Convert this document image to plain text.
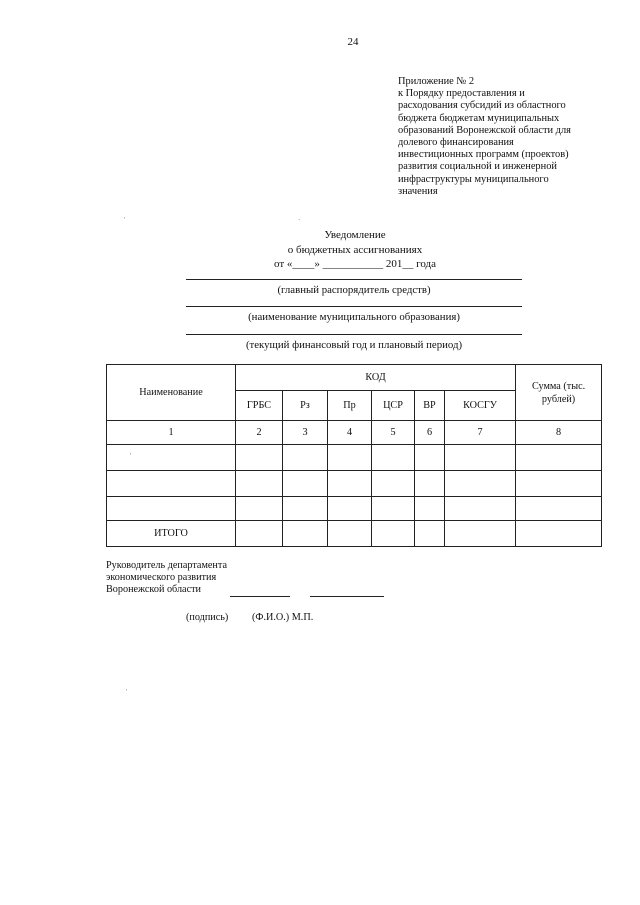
24
Приложение № 2
к Порядку предоставления и
расходования субсидий из областного
бюджета бюджетам муниципальных
образований Воронежской области для
долевого финансирования
инвестиционных программ (проектов)
развития социальной и инженерной
инфраструктуры муниципального
значения
'	·
Уведомление
о бюджетных ассигнованиях
от «____» ___________ 201__ года
(главный распорядитель средств)
(наименование муниципального образования)
(текущий финансовый год и плановый период)
Наименование	КОД						Сумма (тыс. рублей)
	ГРБС	Рз	Пр	ЦСР	ВР	КОСГУ	
1	2	3	4	5	6	7	8

ИТОГО							
Руководитель департамента
экономического развития
Воронежской области
(подпись) (Ф.И.О.) М.П.
'
'
